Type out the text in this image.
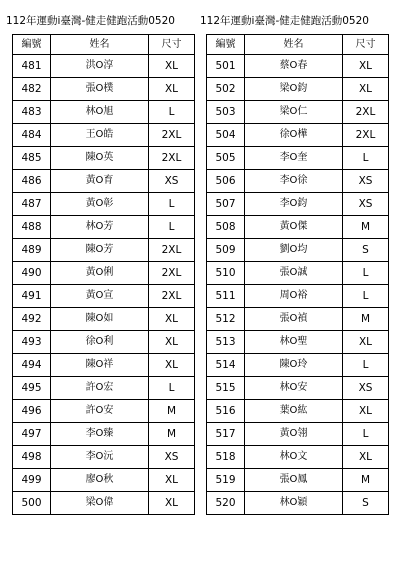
112年運動i臺灣-健走健跑活動0520
編號	姓名	尺寸
481	洪O淳	XL
482	張O樸	XL
483	林O旭	L
484	王O皓	2XL
485	陳O英	2XL
486	黃O育	XS
487	黃O彰	L
488	林O芳	L
489	陳O芳	2XL
490	黃O俐	2XL
491	黃O宣	2XL
492	陳O如	XL
493	徐O利	XL
494	陳O祥	XL
495	許O宏	L
496	許O安	M
497	李O臻	M
498	李O沅	XS
499	廖O秋	XL
500	梁O偉	XL
112年運動i臺灣-健走健跑活動0520
編號	姓名	尺寸
501	蔡O春	XL
502	梁O鈞	XL
503	梁O仁	2XL
504	徐O樺	2XL
505	李O奎	L
506	李O徐	XS
507	李O鈞	XS
508	黃O傑	M
509	劉O均	S
510	張O誠	L
511	周O裕	L
512	張O禎	M
513	林O聖	XL
514	陳O玲	L
515	林O安	XS
516	葉O紘	XL
517	黃O翎	L
518	林O文	XL
519	張O鳳	M
520	林O穎	S
